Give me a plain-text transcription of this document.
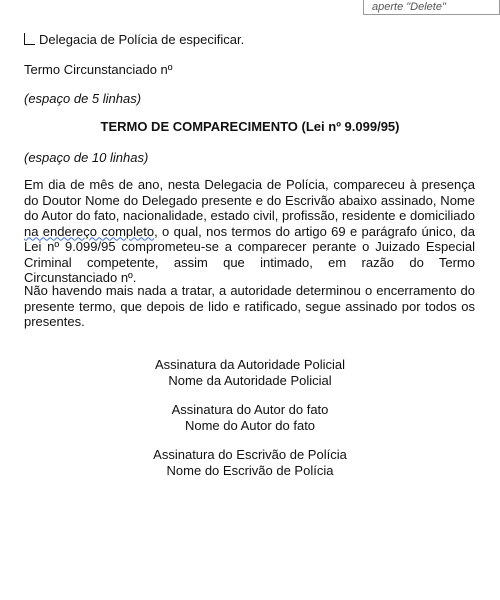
aperte "Delete"
Delegacia de Polícia de especificar.
Termo Circunstanciado nº
(espaço de 5 linhas)
TERMO DE COMPARECIMENTO (Lei nº 9.099/95)
(espaço de 10 linhas)
Em dia de mês de ano, nesta Delegacia de Polícia, compareceu à presença do Doutor Nome do Delegado presente e do Escrivão abaixo assinado, Nome do Autor do fato, nacionalidade, estado civil, profissão, residente e domiciliado na endereço completo, o qual, nos termos do artigo 69 e parágrafo único, da Lei nº 9.099/95 comprometeu-se a comparecer perante o Juizado Especial Criminal competente, assim que intimado, em razão do Termo Circunstanciado nº.
Não havendo mais nada a tratar, a autoridade determinou o encerramento do presente termo, que depois de lido e ratificado, segue assinado por todos os presentes.
Assinatura da Autoridade Policial
Nome da Autoridade Policial
Assinatura do Autor do fato
Nome do Autor do fato
Assinatura do Escrivão de Polícia
Nome do Escrivão de Polícia
